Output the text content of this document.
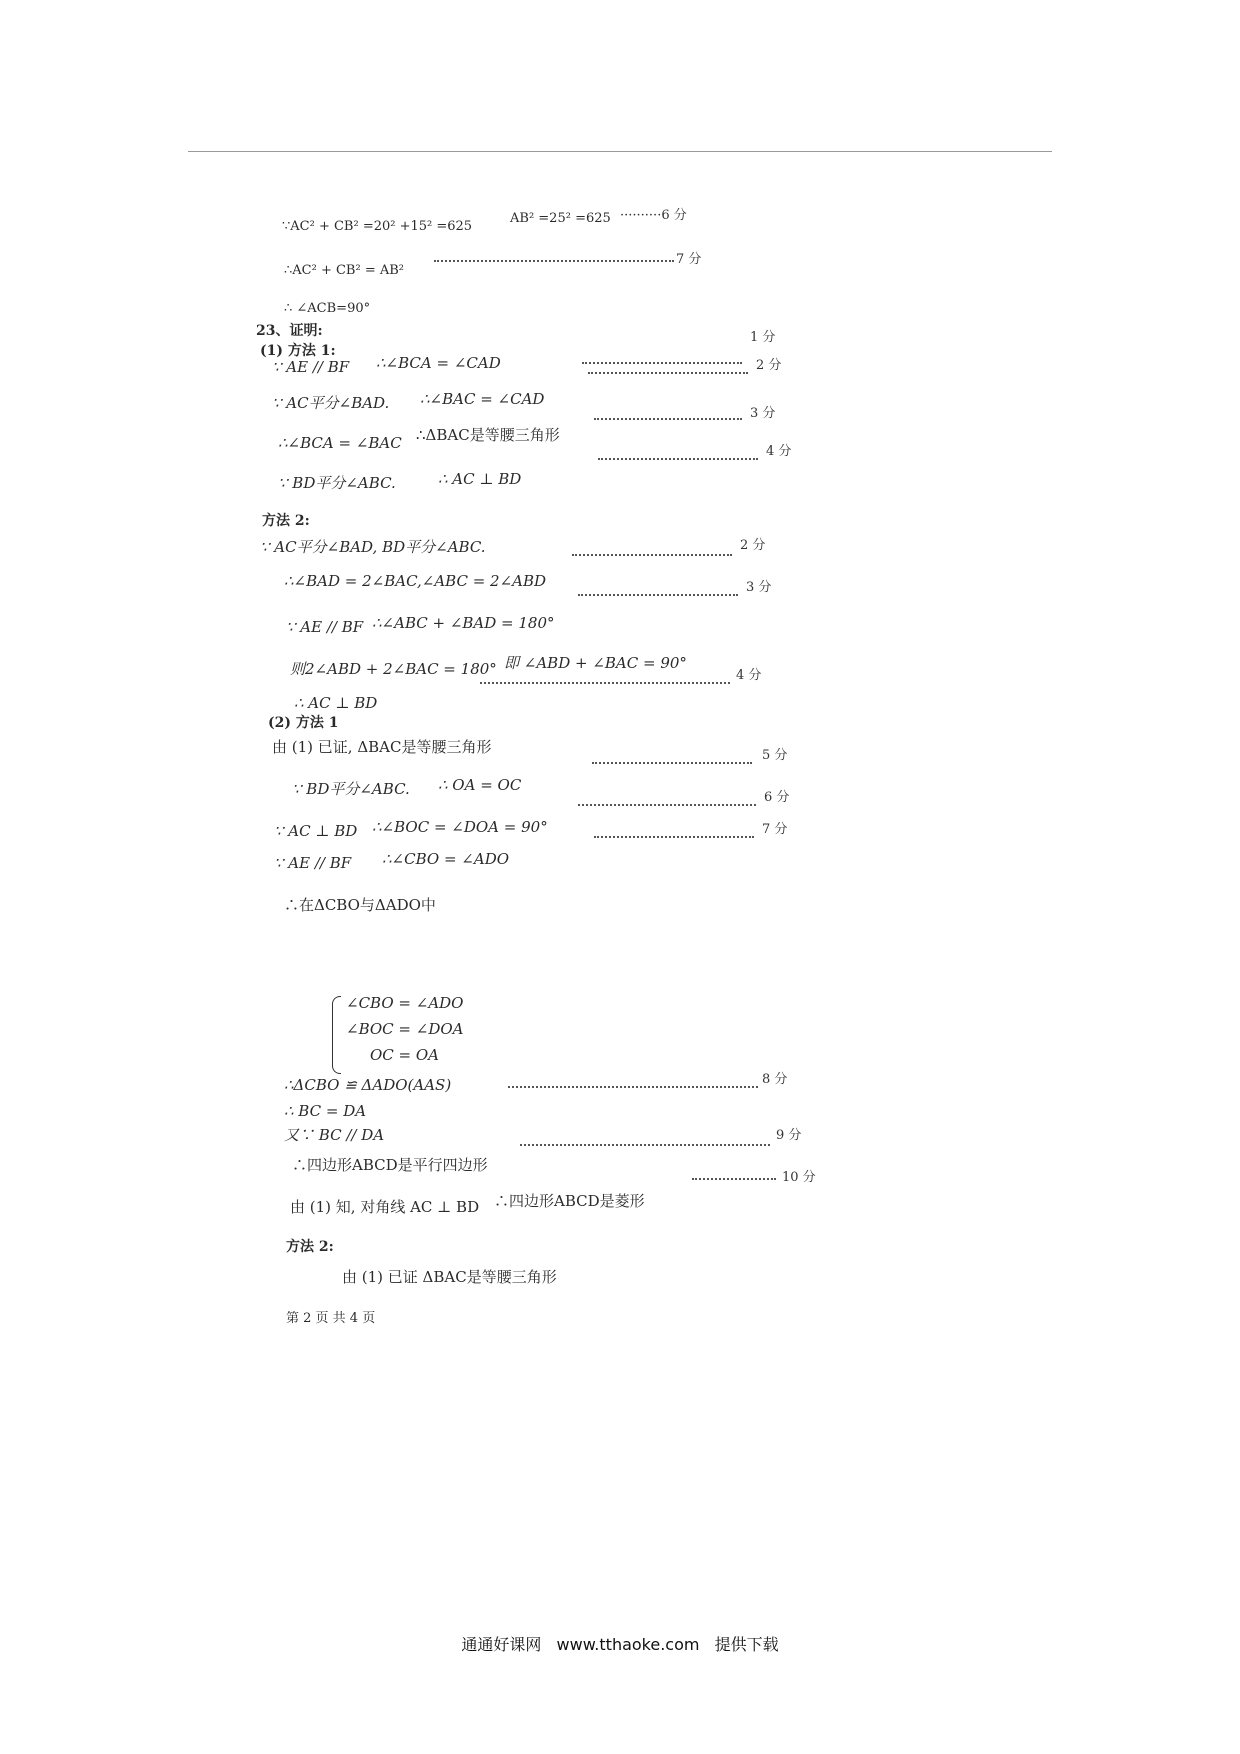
∵AC² + CB² =20² +15² =625
AB² =25² =625 ··········6 分
∴AC² + CB² = AB²
7 分
∴ ∠ACB=90°
23、证明:
(1) 方法 1:
∵ AE // BF ∴∠BCA = ∠CAD
1 分
∵ AC平分∠BAD. ∴∠BAC = ∠CAD
2 分
∴∠BCA = ∠BAC ∴ΔBAC是等腰三角形
3 分
∵ BD平分∠ABC.	∴ AC ⊥ BD
4 分
方法 2:
∵ AC平分∠BAD, BD平分∠ABC.
∴∠BAD = 2∠BAC,∠ABC = 2∠ABD
2 分
∵ AE // BF ∴∠ABC + ∠BAD = 180°
3 分
则2∠ABD + 2∠BAC = 180° 即 ∠ABD + ∠BAC = 90°
∴ AC ⊥ BD
4 分
(2) 方法 1
由 (1) 已证, ΔBAC是等腰三角形
∵ BD平分∠ABC. ∴ OA = OC
5 分
∵ AC ⊥ BD ∴∠BOC = ∠DOA = 90°
6 分
∵ AE // BF ∴∠CBO = ∠ADO
7 分
∴在ΔCBO与ΔADO中
∠CBO = ∠ADO
∠BOC = ∠DOA
OC = OA
∴ΔCBO ≌ ΔADO(AAS)	8 分
∴ BC = DA
又∵ BC // DA
∴四边形ABCD是平行四边形
9 分
由 (1) 知, 对角线 AC ⊥ BD ∴四边形ABCD是菱形
10 分
方法 2:
由 (1) 已证 ΔBAC是等腰三角形
第 2 页 共 4 页
通通好课网 www.tthaoke.com 提供下载
